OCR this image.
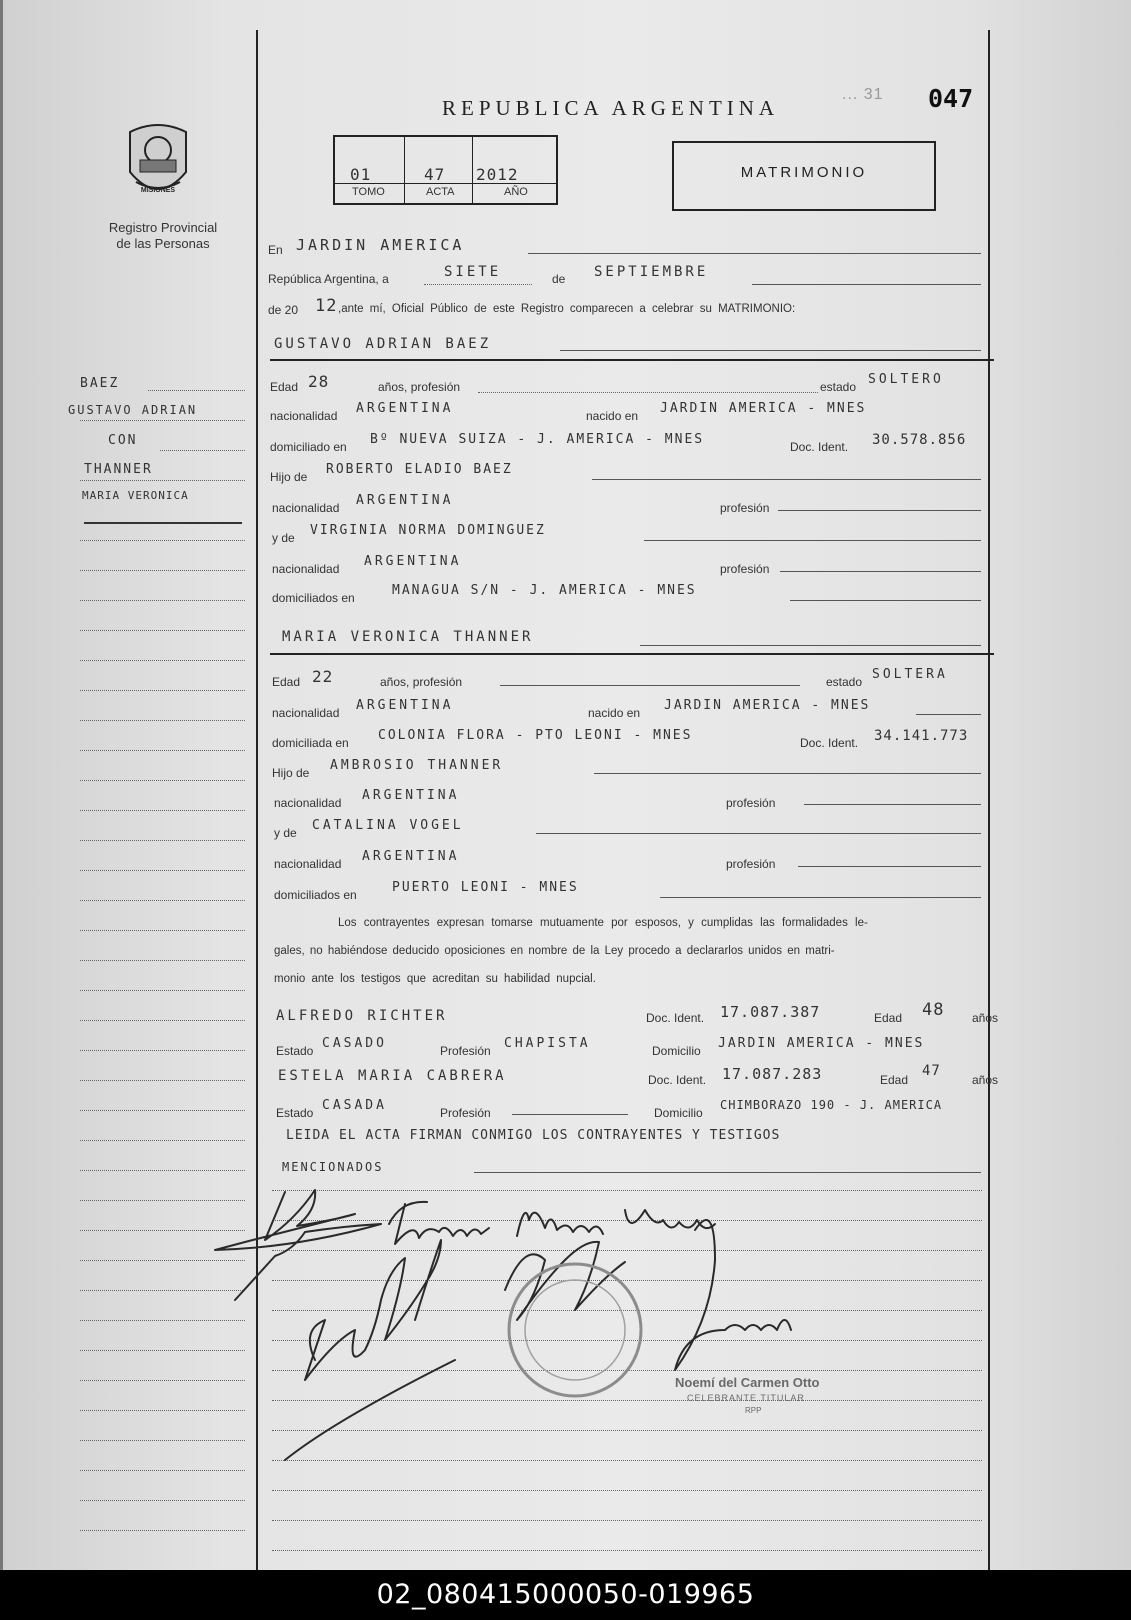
MISIONES
Registro Provincial
de las Personas
REPUBLICA ARGENTINA
... 31 047
01	47 2012
TOMO	ACTA	AÑO
MATRIMONIO
En JARDIN AMERICA
República Argentina, a	SIETE	de SEPTIEMBRE
de 20 12 ,ante mí, Oficial Público de este Registro comparecen a celebrar su MATRIMONIO:
GUSTAVO ADRIAN BAEZ
Edad 28	años, profesión	estado SOLTERO
nacionalidad ARGENTINA	nacido en JARDIN AMERICA - MNES
domiciliado en Bº NUEVA SUIZA - J. AMERICA - MNES	Doc. Ident. 30.578.856
Hijo de ROBERTO ELADIO BAEZ
nacionalidad ARGENTINA	profesión
y de VIRGINIA NORMA DOMINGUEZ
nacionalidad ARGENTINA	profesión
domiciliados en	MANAGUA S/N - J. AMERICA - MNES
MARIA VERONICA THANNER
Edad 22	años, profesión	estado SOLTERA
nacionalidad ARGENTINA	nacido en JARDIN AMERICA - MNES
domiciliada en COLONIA FLORA - PTO LEONI - MNES	Doc. Ident. 34.141.773
Hijo de AMBROSIO THANNER
nacionalidad ARGENTINA	profesión
y de CATALINA VOGEL
nacionalidad ARGENTINA	profesión
domiciliados en	PUERTO LEONI - MNES
Los contrayentes expresan tomarse mutuamente por esposos, y cumplidas las formalidades le-
gales, no habiéndose deducido oposiciones en nombre de la Ley procedo a declararlos unidos en matri-
monio ante los testigos que acreditan su habilidad nupcial.
ALFREDO RICHTER	Doc. Ident. 17.087.387	Edad 48 años
Estado CASADO	Profesión CHAPISTA	Domicilio JARDIN AMERICA - MNES
ESTELA MARIA CABRERA	Doc. Ident. 17.087.283	Edad
47
años
Estado CASADA	Profesión	Domicilio
CHIMBORAZO 190 - J. AMERICA
LEIDA EL ACTA FIRMAN CONMIGO LOS CONTRAYENTES Y TESTIGOS
MENCIONADOS
Noemí del Carmen Otto
CELEBRANTE TITULAR
RPP
BAEZ
GUSTAVO ADRIAN
CON
THANNER
MARIA VERONICA
02_080415000050-019965
